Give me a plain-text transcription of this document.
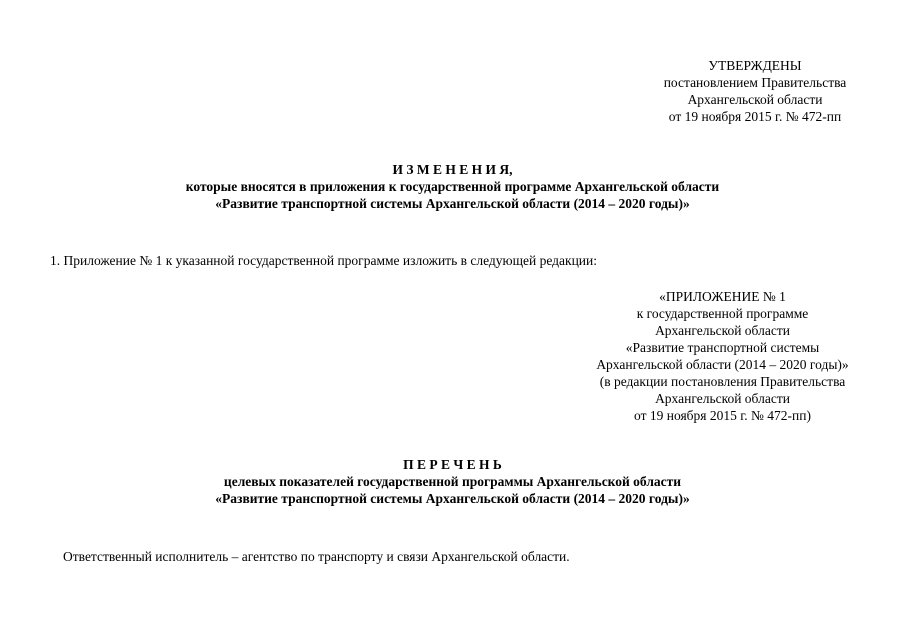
УТВЕРЖДЕНЫ
постановлением Правительства
Архангельской области
от 19 ноября 2015 г. № 472-пп
И З М Е Н Е Н И Я,
которые вносятся в приложения к государственной программе Архангельской области
«Развитие транспортной системы Архангельской области (2014 – 2020 годы)»
1. Приложение № 1 к указанной государственной программе изложить в следующей редакции:
«ПРИЛОЖЕНИЕ № 1
к государственной программе
Архангельской области
«Развитие транспортной системы
Архангельской области (2014 – 2020 годы)»
(в редакции постановления Правительства
Архангельской области
от 19 ноября 2015 г. № 472-пп)
П Е Р Е Ч Е Н Ь
целевых показателей государственной программы Архангельской области
«Развитие транспортной системы Архангельской области (2014 – 2020 годы)»
Ответственный исполнитель – агентство по транспорту и связи Архангельской области.
